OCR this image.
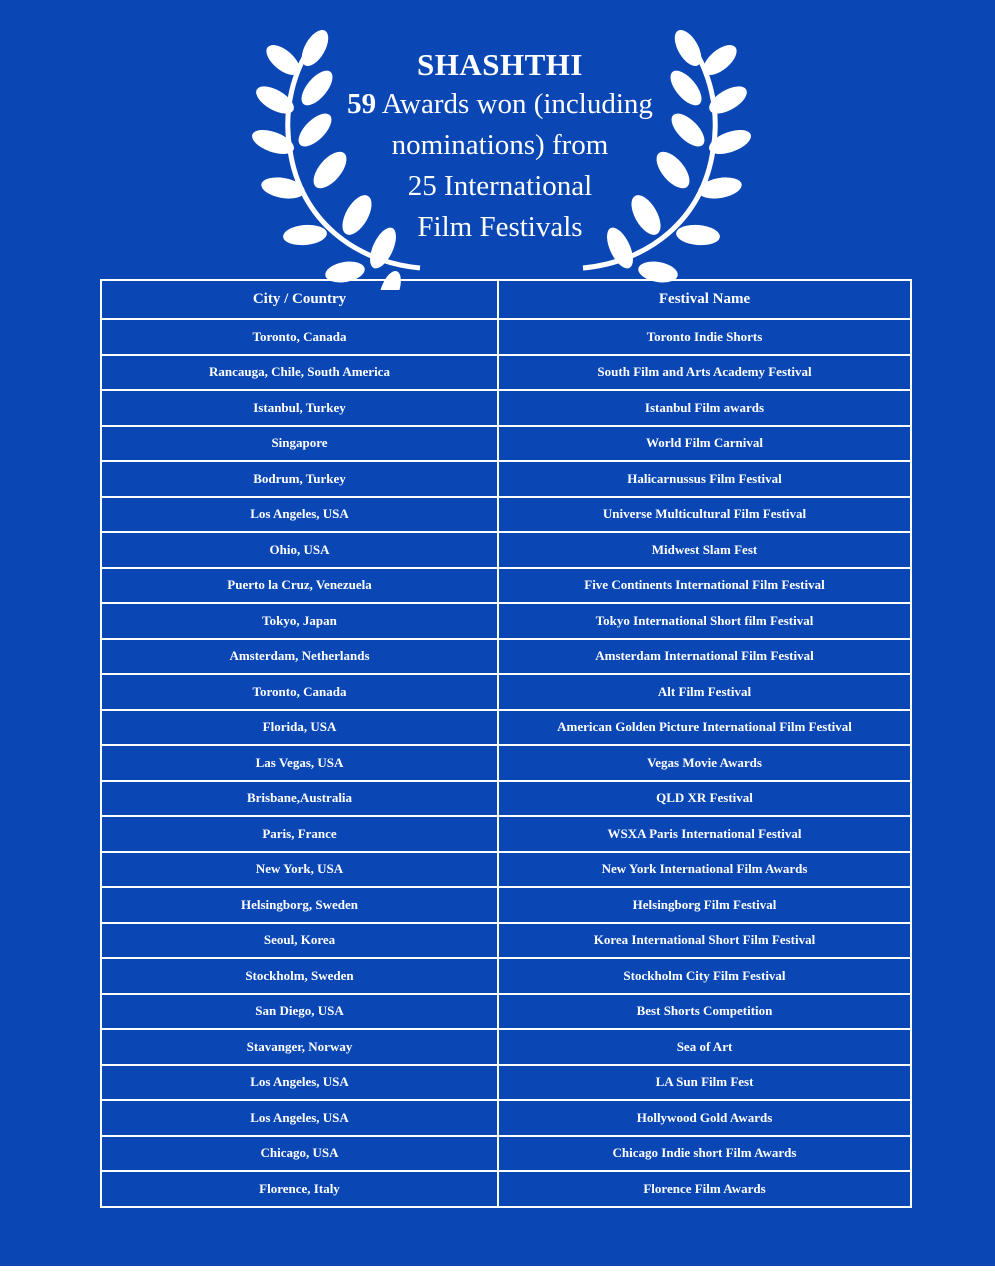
SHASHTHI
59 Awards won (including
nominations) from
25 International
Film Festivals
City / Country	Festival Name
Toronto, Canada	Toronto Indie Shorts
Rancauga, Chile, South America	South Film and Arts Academy Festival
Istanbul, Turkey	Istanbul Film awards
Singapore	World Film Carnival
Bodrum, Turkey	Halicarnussus Film Festival
Los Angeles, USA	Universe Multicultural Film Festival
Ohio, USA	Midwest Slam Fest
Puerto la Cruz, Venezuela	Five Continents International Film Festival
Tokyo, Japan	Tokyo International Short film Festival
Amsterdam, Netherlands	Amsterdam International Film Festival
Toronto, Canada	Alt Film Festival
Florida, USA	American Golden Picture International Film Festival
Las Vegas, USA	Vegas Movie Awards
Brisbane,Australia	QLD XR Festival
Paris, France	WSXA Paris International Festival
New York, USA	New York International Film Awards
Helsingborg, Sweden	Helsingborg Film Festival
Seoul, Korea	Korea International Short Film Festival
Stockholm, Sweden	Stockholm City Film Festival
San Diego, USA	Best Shorts Competition
Stavanger, Norway	Sea of Art
Los Angeles, USA	LA Sun Film Fest
Los Angeles, USA	Hollywood Gold Awards
Chicago, USA	Chicago Indie short Film Awards
Florence, Italy	Florence Film Awards
